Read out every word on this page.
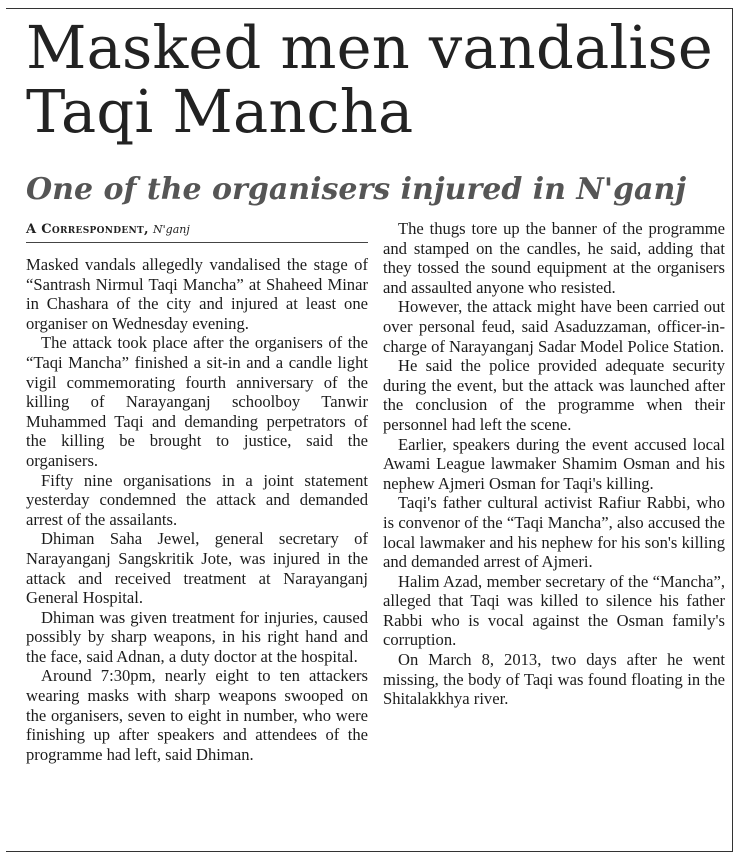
Masked men vandalise
Taqi Mancha
One of the organisers injured in N'ganj
A Correspondent, N'ganj

Masked vandals allegedly vandalised the stage of “Santrash Nirmul Taqi Mancha” at Shaheed Minar in Chashara of the city and injured at least one organiser on Wednesday evening.

The attack took place after the organisers of the “Taqi Mancha” finished a sit-in and a candle light vigil commemorating fourth anniversary of the killing of Narayanganj schoolboy Tanwir Muhammed Taqi and demanding perpetrators of the killing be brought to justice, said the organisers.

Fifty nine organisations in a joint statement yesterday condemned the attack and demanded arrest of the assailants.

Dhiman Saha Jewel, general secretary of Narayanganj Sangskritik Jote, was injured in the attack and received treatment at Narayanganj General Hospital.

Dhiman was given treatment for injuries, caused possibly by sharp weapons, in his right hand and the face, said Adnan, a duty doctor at the hospital.

Around 7:30pm, nearly eight to ten attackers wearing masks with sharp weapons swooped on the organisers, seven to eight in number, who were finishing up after speakers and attendees of the programme had left, said Dhiman.

The thugs tore up the banner of the programme and stamped on the candles, he said, adding that they tossed the sound equipment at the organisers and assaulted anyone who resisted.

However, the attack might have been carried out over personal feud, said Asaduzzaman, officer-in-charge of Narayanganj Sadar Model Police Station.

He said the police provided adequate security during the event, but the attack was launched after the conclusion of the programme when their personnel had left the scene.

Earlier, speakers during the event accused local Awami League lawmaker Shamim Osman and his nephew Ajmeri Osman for Taqi's killing.

Taqi's father cultural activist Rafiur Rabbi, who is convenor of the “Taqi Mancha”, also accused the local lawmaker and his nephew for his son's killing and demanded arrest of Ajmeri.

Halim Azad, member secretary of the “Mancha”, alleged that Taqi was killed to silence his father Rabbi who is vocal against the Osman family's corruption.

On March 8, 2013, two days after he went missing, the body of Taqi was found floating in the Shitalakkhya river.
